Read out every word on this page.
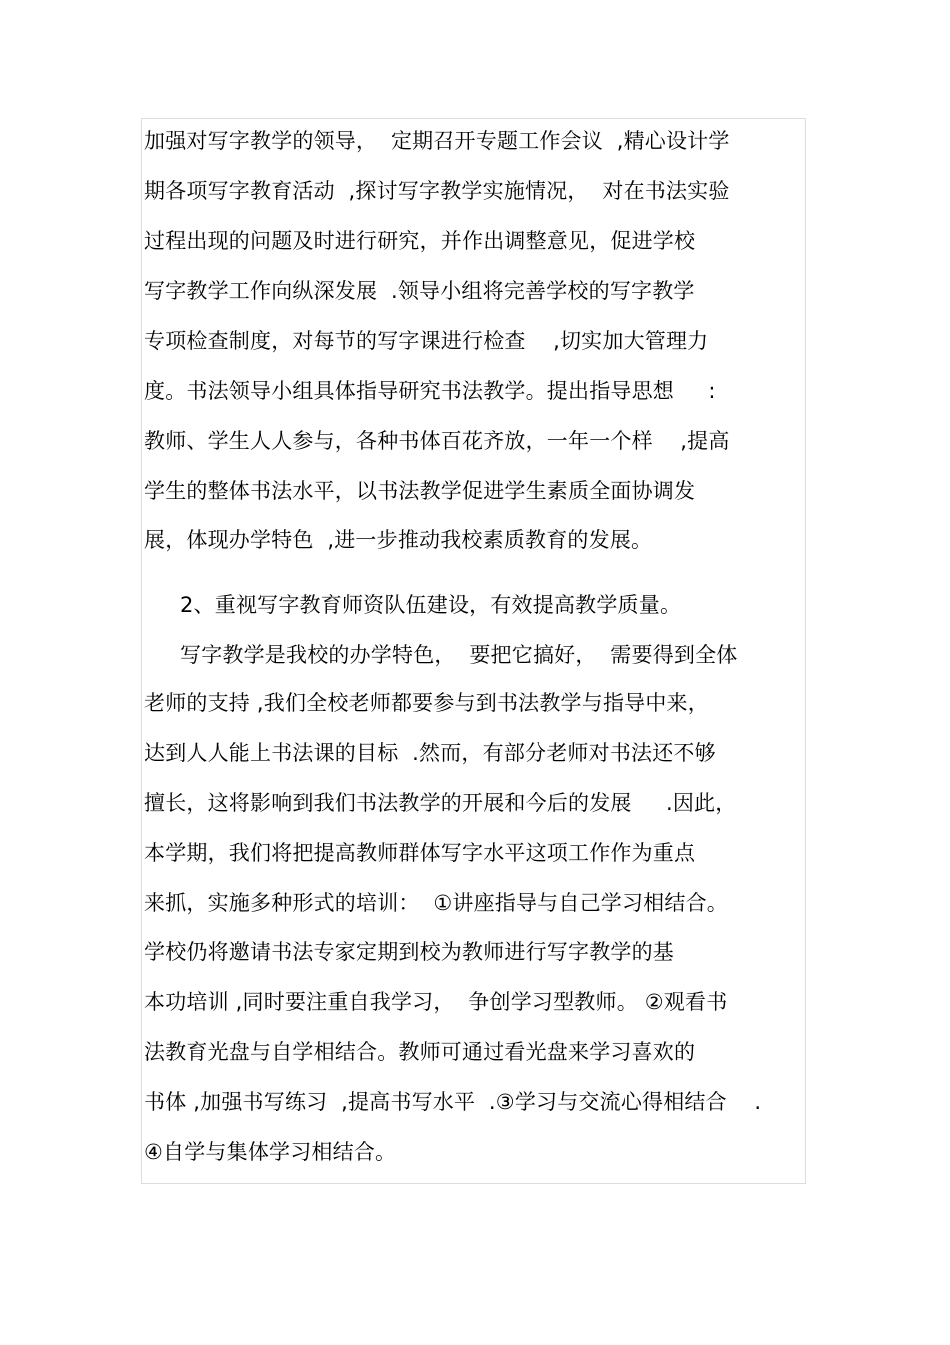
加强对写字教学的领导，  定期召开专题工作会议  ,精心设计学
期各项写字教育活动  ,探讨写字教学实施情况，  对在书法实验
过程出现的问题及时进行研究，并作出调整意见，促进学校
写字教学工作向纵深发展  .领导小组将完善学校的写字教学
专项检查制度，对每节的写字课进行检查    ,切实加大管理力
度。书法领导小组具体指导研究书法教学。提出指导思想     :
教师、学生人人参与，各种书体百花齐放，一年一个样    ,提高
学生的整体书法水平，以书法教学促进学生素质全面协调发
展，体现办学特色  ,进一步推动我校素质教育的发展。
2、重视写字教育师资队伍建设，有效提高教学质量。
写字教学是我校的办学特色，  要把它搞好，  需要得到全体
老师的支持 ,我们全校老师都要参与到书法教学与指导中来，
达到人人能上书法课的目标  .然而，有部分老师对书法还不够
擅长，这将影响到我们书法教学的开展和今后的发展     .因此，
本学期，我们将把提高教师群体写字水平这项工作作为重点
来抓，实施多种形式的培训：  ①讲座指导与自己学习相结合。
学校仍将邀请书法专家定期到校为教师进行写字教学的基
本功培训 ,同时要注重自我学习，  争创学习型教师。 ②观看书
法教育光盘与自学相结合。教师可通过看光盘来学习喜欢的
书体 ,加强书写练习  ,提高书写水平  .③学习与交流心得相结合    .
④自学与集体学习相结合。
